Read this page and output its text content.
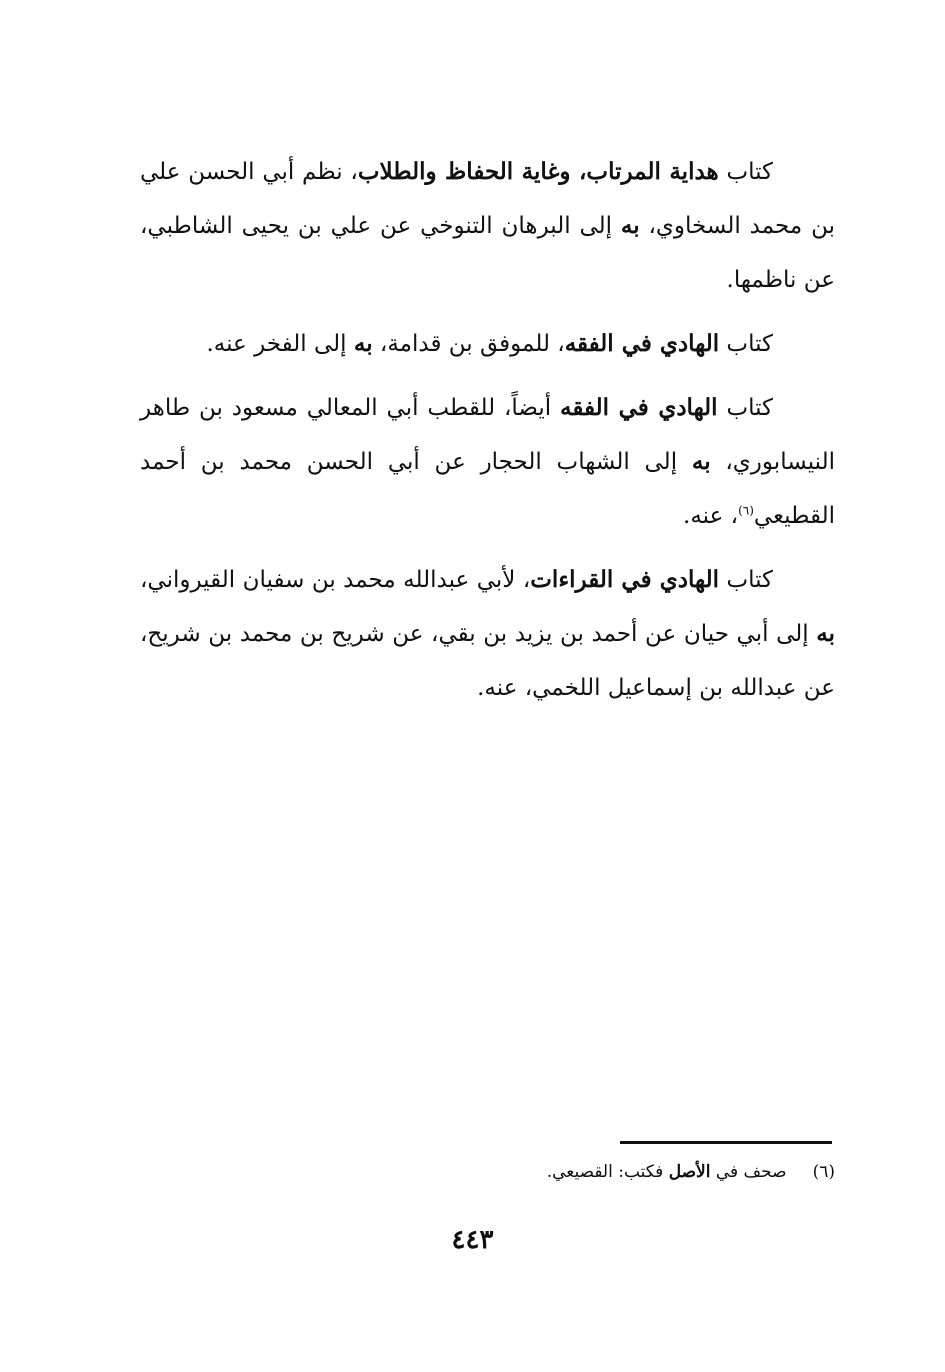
كتاب هداية المرتاب، وغاية الحفاظ والطلاب، نظم أبي الحسن علي بن محمد السخاوي، به إلى البرهان التنوخي عن علي بن يحيى الشاطبي، عن ناظمها.

كتاب الهادي في الفقه، للموفق بن قدامة، به إلى الفخر عنه.

كتاب الهادي في الفقه أيضاً، للقطب أبي المعالي مسعود بن طاهر النيسابوري، به إلى الشهاب الحجار عن أبي الحسن محمد بن أحمد القطيعي$^{(٦)}$، عنه.

كتاب الهادي في القراءات، لأبي عبدالله محمد بن سفيان القيرواني، به إلى أبي حيان عن أحمد بن يزيد بن بقي، عن شريح بن محمد بن شريح، عن عبدالله بن إسماعيل اللخمي، عنه.

(٦)صحف في الأصل فكتب: القصيعي.
٤٤٣
